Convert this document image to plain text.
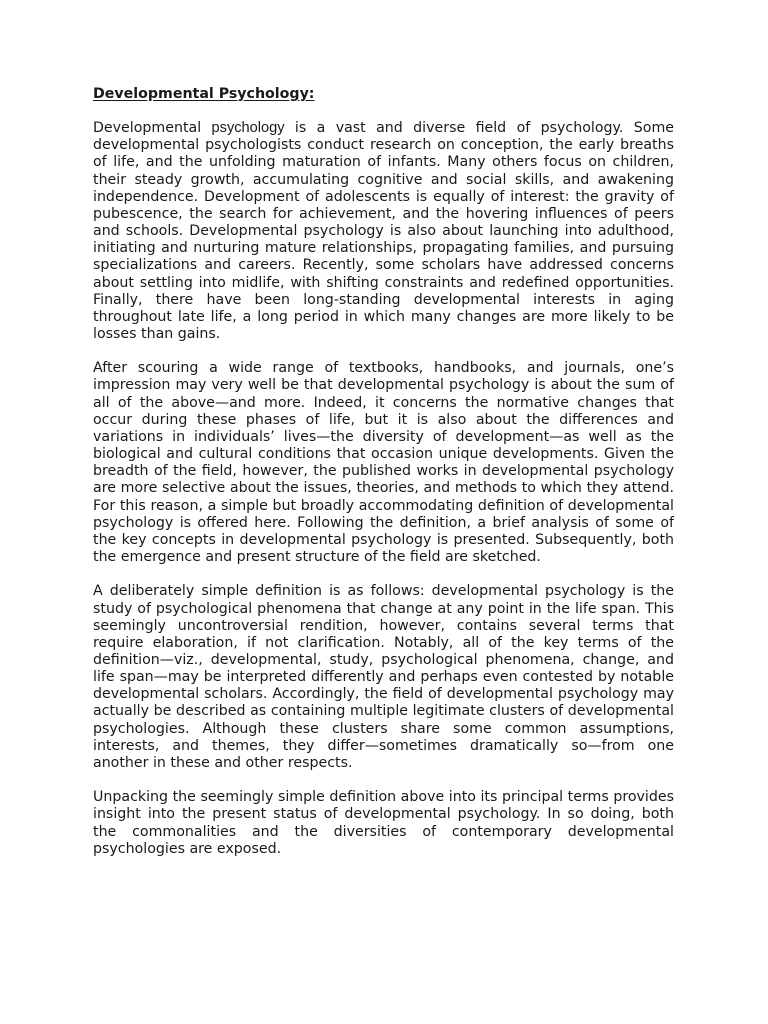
Developmental Psychology:

Developmental psychology is a vast and diverse field of psychology. Some developmental psychologists conduct research on conception, the early breaths of life, and the unfolding maturation of infants. Many others focus on children, their steady growth, accumulating cognitive and social skills, and awakening independence. Development of adolescents is equally of interest: the gravity of pubescence, the search for achievement, and the hovering influences of peers and schools. Developmental psychology is also about launching into adulthood, initiating and nurturing mature relationships, propagating families, and pursuing specializations and careers. Recently, some scholars have addressed concerns about settling into midlife, with shifting constraints and redefined opportunities. Finally, there have been long-standing developmental interests in aging throughout late life, a long period in which many changes are more likely to be losses than gains.

After scouring a wide range of textbooks, handbooks, and journals, one’s impression may very well be that developmental psychology is about the sum of all of the above—and more. Indeed, it concerns the normative changes that occur during these phases of life, but it is also about the differences and variations in individuals’ lives—the diversity of development—as well as the biological and cultural conditions that occasion unique developments. Given the breadth of the field, however, the published works in developmental psychology are more selective about the issues, theories, and methods to which they attend. For this reason, a simple but broadly accommodating definition of developmental psychology is offered here. Following the definition, a brief analysis of some of the key concepts in developmental psychology is presented. Subsequently, both the emergence and present structure of the field are sketched.

A deliberately simple definition is as follows: developmental psychology is the study of psychological phenomena that change at any point in the life span. This seemingly uncontroversial rendition, however, contains several terms that require elaboration, if not clarification. Notably, all of the key terms of the definition—viz., developmental, study, psychological phenomena, change, and life span—may be interpreted differently and perhaps even contested by notable developmental scholars. Accordingly, the field of developmental psychology may actually be described as containing multiple legitimate clusters of developmental psychologies. Although these clusters share some common assumptions, interests, and themes, they differ—sometimes dramatically so—from one another in these and other respects.

Unpacking the seemingly simple definition above into its principal terms provides insight into the present status of developmental psychology. In so doing, both the commonalities and the diversities of contemporary developmental psychologies are exposed.
